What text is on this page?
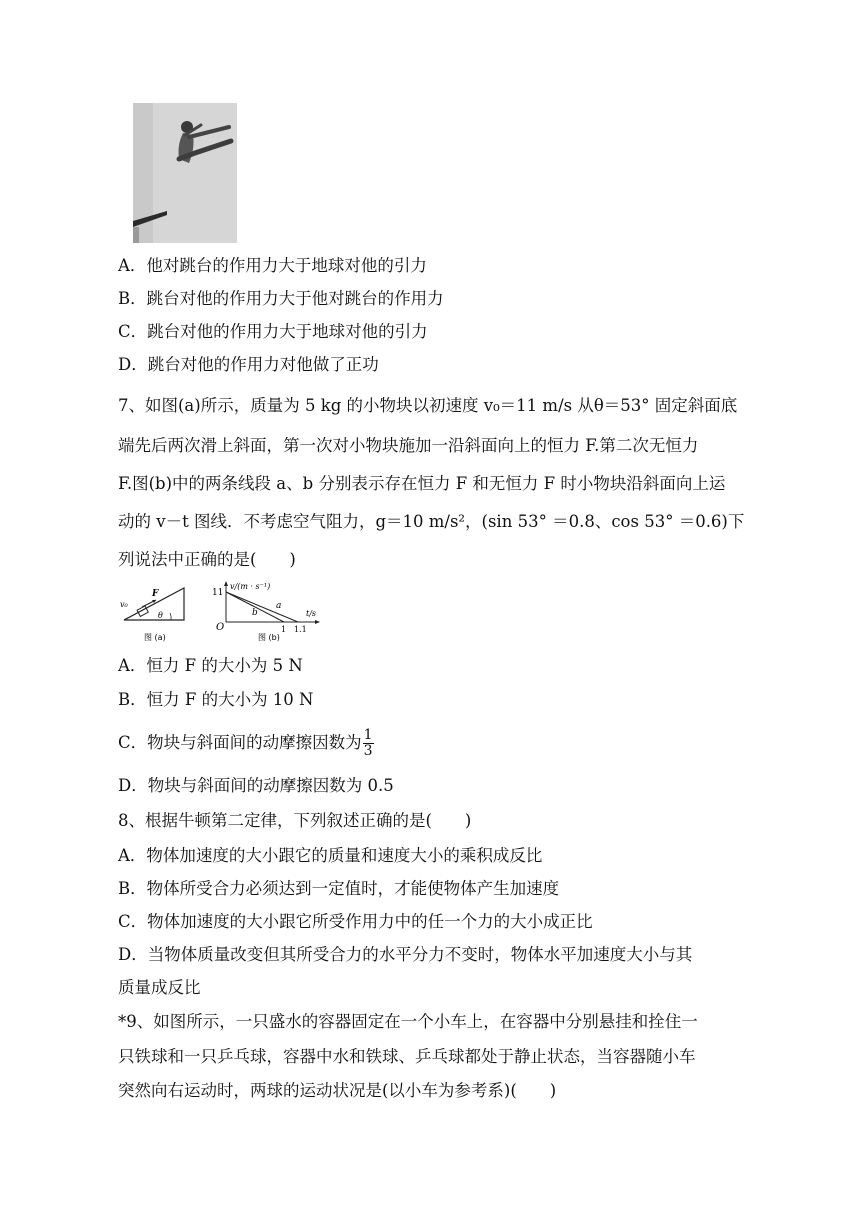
A．他对跳台的作用力大于地球对他的引力
B．跳台对他的作用力大于他对跳台的作用力
C．跳台对他的作用力大于地球对他的引力
D．跳台对他的作用力对他做了正功
7、如图(a)所示，质量为 5 kg 的小物块以初速度 v₀＝11 m/s 从θ＝53° 固定斜面底
端先后两次滑上斜面，第一次对小物块施加一沿斜面向上的恒力 F.第二次无恒力
F.图(b)中的两条线段 a、b 分别表示存在恒力 F 和无恒力 F 时小物块沿斜面向上运
动的 v－t 图线．不考虑空气阻力，g＝10 m/s²，(sin 53° ＝0.8、cos 53° ＝0.6)下
列说法中正确的是(　　)
v₀
F
θ
图 (a)
v/(m · s⁻¹)
11
O
a
b
1 1.1
t/s
图 (b)
A．恒力 F 的大小为 5 N
B．恒力 F 的大小为 10 N
C．物块与斜面间的动摩擦因数为 $\frac{1}{3}$
D．物块与斜面间的动摩擦因数为 0.5
8、根据牛顿第二定律，下列叙述正确的是(　　)
A．物体加速度的大小跟它的质量和速度大小的乘积成反比
B．物体所受合力必须达到一定值时，才能使物体产生加速度
C．物体加速度的大小跟它所受作用力中的任一个力的大小成正比
D．当物体质量改变但其所受合力的水平分力不变时，物体水平加速度大小与其
质量成反比
*9、如图所示，一只盛水的容器固定在一个小车上，在容器中分别悬挂和拴住一
只铁球和一只乒乓球，容器中水和铁球、乒乓球都处于静止状态，当容器随小车
突然向右运动时，两球的运动状况是(以小车为参考系)(　　)
